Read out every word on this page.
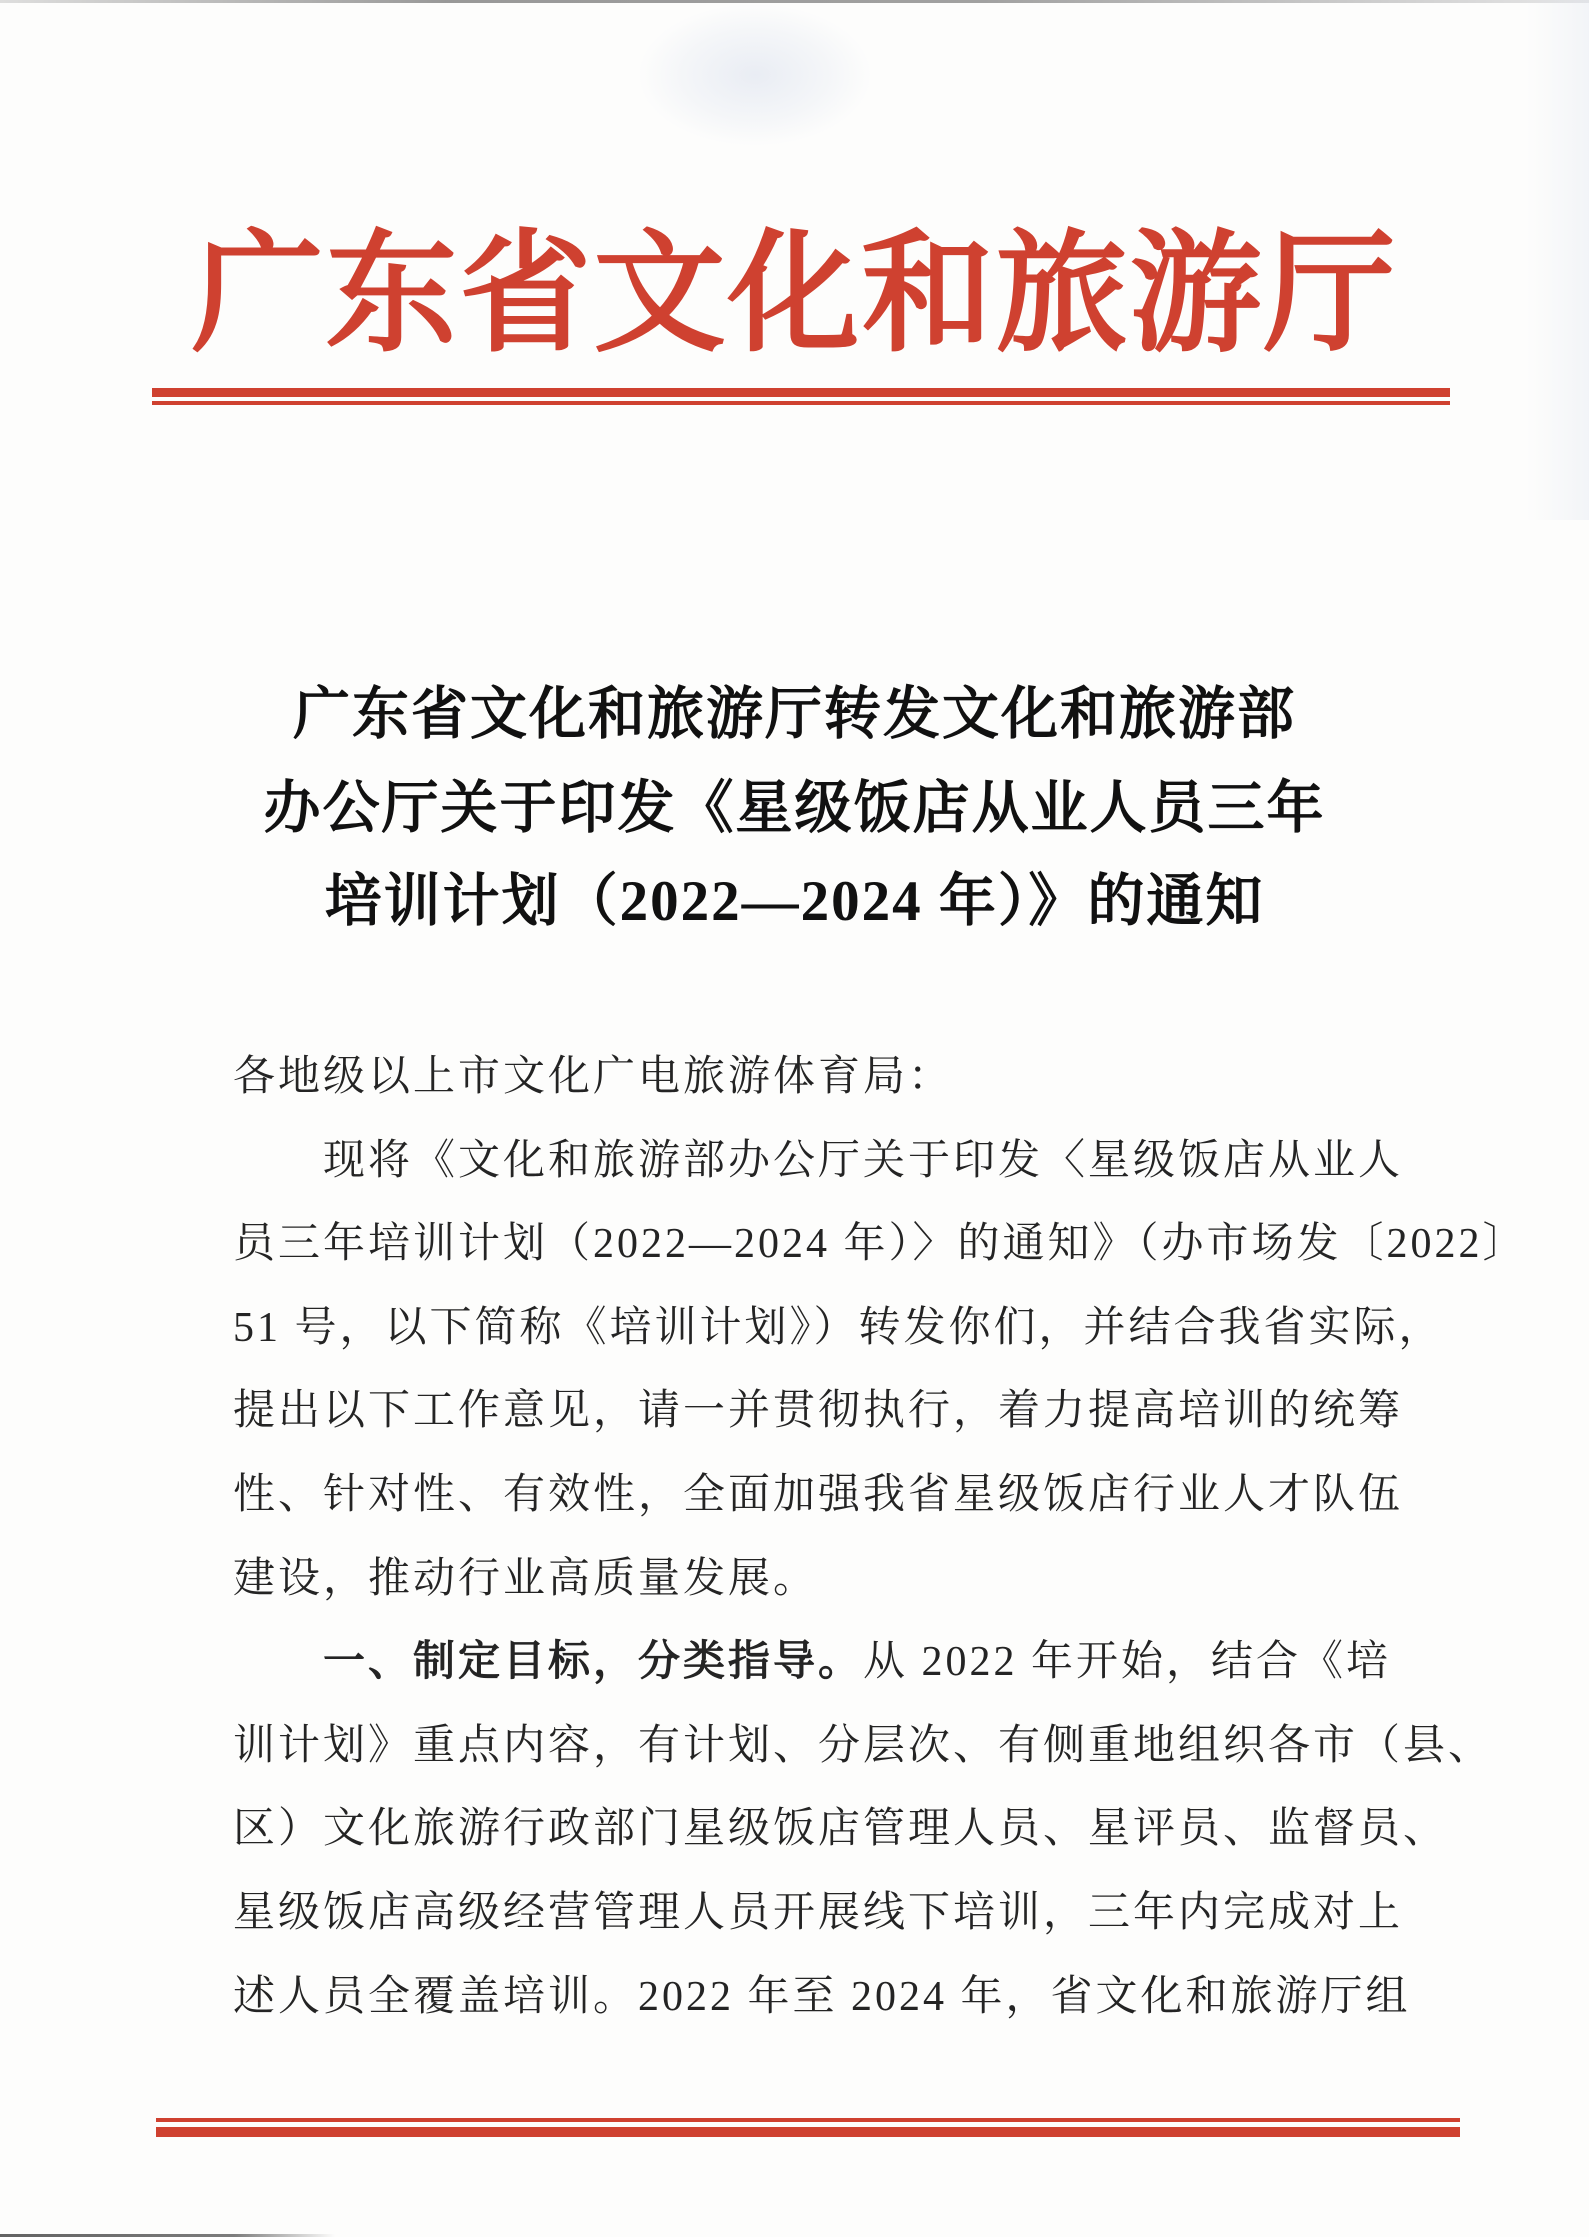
广东省文化和旅游厅
广东省文化和旅游厅转发文化和旅游部
办公厅关于印发《星级饭店从业人员三年
培训计划（2022—2024 年）》的通知
各地级以上市文化广电旅游体育局：
现将《文化和旅游部办公厅关于印发〈星级饭店从业人
员三年培训计划（2022—2024 年）〉的通知》（办市场发〔2022〕
51 号，以下简称《培训计划》）转发你们，并结合我省实际，
提出以下工作意见，请一并贯彻执行，着力提高培训的统筹
性、针对性、有效性，全面加强我省星级饭店行业人才队伍
建设，推动行业高质量发展。
一、制定目标，分类指导。从 2022 年开始，结合《培
训计划》重点内容，有计划、分层次、有侧重地组织各市（县、
区）文化旅游行政部门星级饭店管理人员、星评员、监督员、
星级饭店高级经营管理人员开展线下培训，三年内完成对上
述人员全覆盖培训。2022 年至 2024 年，省文化和旅游厅组
